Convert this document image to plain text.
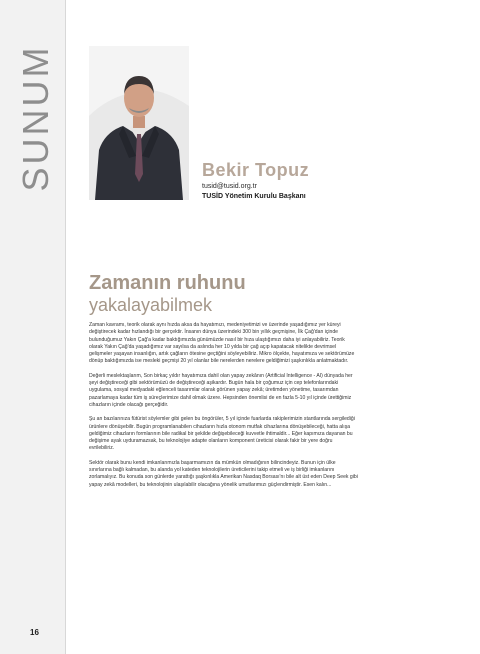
SUNUM	Bekir Topuz
tusid@tusid.org.tr
TUSİD Yönetim Kurulu Başkanı
Zamanın ruhunu
yakalayabilmek

Zaman kavramı, teorik olarak aynı hızda aksa da hayatımızı, medeniyetimizi ve üzerinde yaşadığımız yer küreyi değiştirecek kadar hızlandığı bir gerçektir. İnsanın dünya üzerindeki 300 bin yıllık geçmişine, İlk Çağ'dan içinde bulunduğumuz Yakın Çağ'a kadar baktığımızda günümüzde nasıl bir hıza ulaştığımızı daha iyi anlayabiliriz. Teorik olarak Yakın Çağ'da yaşadığımız var sayılsa da aslında her 10 yılda bir çağ açıp kapatacak nitelikte devrimsel gelişmeler yaşayan insanlığın, artık çağların ötesine geçtiğini söyleyebiliriz. Mikro ölçekte, hayatımıza ve sektörümüze dönüp baktığımızda ise mesleki geçmişi 20 yıl olanlar bile nerelerden nerelere geldiğimizi şaşkınlıkla anlatmaktadır.

Değerli meslektaşlarım, Son birkaç yıldır hayatımıza dahil olan yapay zekânın (Artificial Intelligence - AI) dünyada her şeyi değiştireceği gibi sektörümüzü de değiştireceği aşikardır. Bugün hala bir çoğumuz için cep telefonlarındaki uygulama, sosyal medyadaki eğlenceli tasarımlar olarak görünen yapay zekâ; üretimden yönetime, tasarımdan pazarlamaya kadar tüm iş süreçlerimize dahil olmak üzere. Hepsinden önemlisi de en fazla 5-10 yıl içinde ürettiğimiz cihazların içinde olacağı gerçeğidir.

Şu an bazılarınıza fütürist söylemler gibi gelen bu öngörüler, 5 yıl içinde fuarlarda rakiplerimizin stantlarında sergilediği ürünlere dönüşebilir. Bugün programlanabilen cihazların hızla otonom mutfak cihazlarına dönüşebileceği, hatta alışa geldiğimiz cihazların formlarının bile radikal bir şekilde değişebileceği kuvvetle ihtimaldir... Eğer kapımıza dayanan bu değişime ayak uyduramazsak, bu teknolojiye adapte olanların komponent üreticisi olarak fakir bir yere doğru evrilebiliriz.

Sektör olarak bunu kendi imkanlarımızla başarmamızın da mümkün olmadığının bilincindeyiz. Bunun için ülke sınırlarına bağlı kalmadan, bu alanda yol kateden teknolojilerin üreticilerini takip etmeli ve iş birliği imkanlarını zorlamalıyız. Bu konuda son günlerde yarattığı şaşkınlıkla Amerikan Nasdaq Borsası'nı bile alt üst eden Deep Seek gibi yapay zekâ modelleri, bu teknolojinin ulaşılabilir olacağına yönelik umutlarımızı güçlendirmiştir. Esen kalın...

16
